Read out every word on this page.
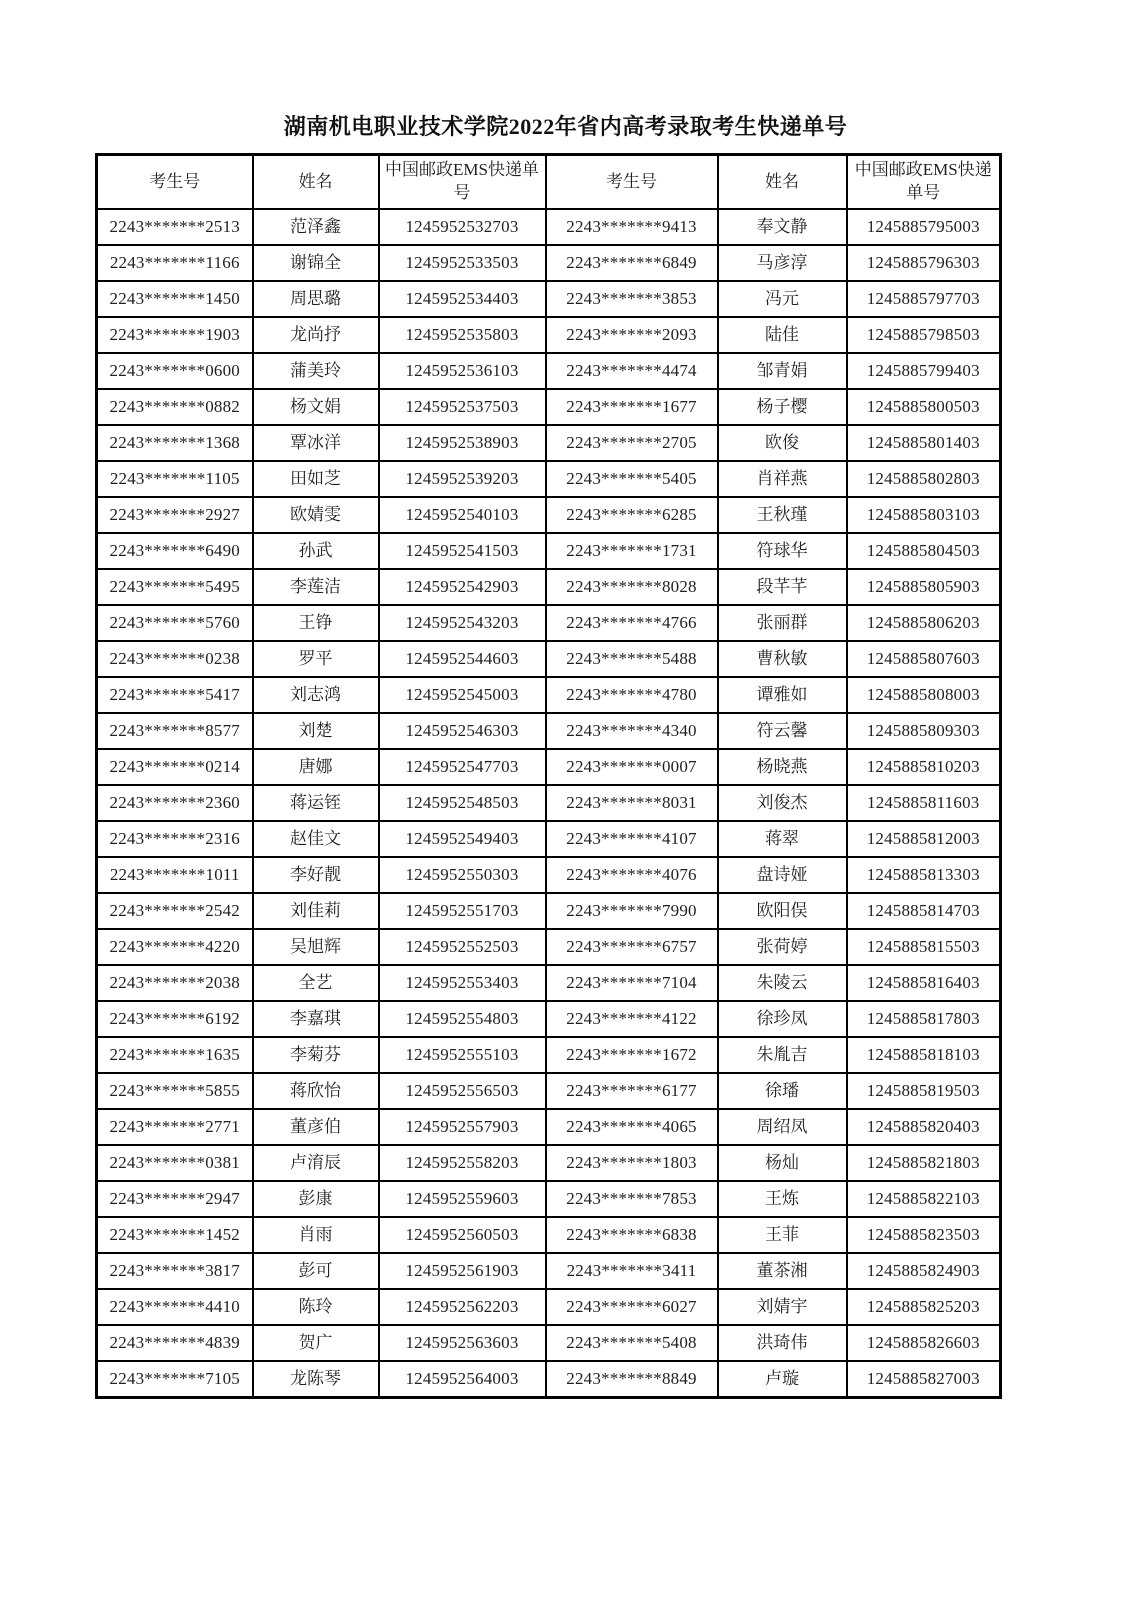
湖南机电职业技术学院2022年省内高考录取考生快递单号
考生号	姓名	中国邮政EMS快递单号	考生号	姓名	中国邮政EMS快递单号
2243*******2513	范泽鑫	1245952532703	2243*******9413	奉文静	1245885795003
2243*******1166	谢锦全	1245952533503	2243*******6849	马彦淳	1245885796303
2243*******1450	周思璐	1245952534403	2243*******3853	冯元	1245885797703
2243*******1903	龙尚抒	1245952535803	2243*******2093	陆佳	1245885798503
2243*******0600	蒲美玲	1245952536103	2243*******4474	邹青娟	1245885799403
2243*******0882	杨文娟	1245952537503	2243*******1677	杨子樱	1245885800503
2243*******1368	覃冰洋	1245952538903	2243*******2705	欧俊	1245885801403
2243*******1105	田如芝	1245952539203	2243*******5405	肖祥燕	1245885802803
2243*******2927	欧婧雯	1245952540103	2243*******6285	王秋瑾	1245885803103
2243*******6490	孙武	1245952541503	2243*******1731	符球华	1245885804503
2243*******5495	李莲洁	1245952542903	2243*******8028	段芊芊	1245885805903
2243*******5760	王铮	1245952543203	2243*******4766	张丽群	1245885806203
2243*******0238	罗平	1245952544603	2243*******5488	曹秋敏	1245885807603
2243*******5417	刘志鸿	1245952545003	2243*******4780	谭雅如	1245885808003
2243*******8577	刘楚	1245952546303	2243*******4340	符云馨	1245885809303
2243*******0214	唐娜	1245952547703	2243*******0007	杨晓燕	1245885810203
2243*******2360	蒋运铚	1245952548503	2243*******8031	刘俊杰	1245885811603
2243*******2316	赵佳文	1245952549403	2243*******4107	蒋翠	1245885812003
2243*******1011	李好靓	1245952550303	2243*******4076	盘诗娅	1245885813303
2243*******2542	刘佳莉	1245952551703	2243*******7990	欧阳俣	1245885814703
2243*******4220	吴旭辉	1245952552503	2243*******6757	张荷婷	1245885815503
2243*******2038	全艺	1245952553403	2243*******7104	朱陵云	1245885816403
2243*******6192	李嘉琪	1245952554803	2243*******4122	徐珍凤	1245885817803
2243*******1635	李菊芬	1245952555103	2243*******1672	朱胤吉	1245885818103
2243*******5855	蒋欣怡	1245952556503	2243*******6177	徐璠	1245885819503
2243*******2771	董彦伯	1245952557903	2243*******4065	周绍凤	1245885820403
2243*******0381	卢淯辰	1245952558203	2243*******1803	杨灿	1245885821803
2243*******2947	彭康	1245952559603	2243*******7853	王炼	1245885822103
2243*******1452	肖雨	1245952560503	2243*******6838	王菲	1245885823503
2243*******3817	彭可	1245952561903	2243*******3411	董茶湘	1245885824903
2243*******4410	陈玲	1245952562203	2243*******6027	刘婧宇	1245885825203
2243*******4839	贺广	1245952563603	2243*******5408	洪琦伟	1245885826603
2243*******7105	龙陈琴	1245952564003	2243*******8849	卢璇	1245885827003
